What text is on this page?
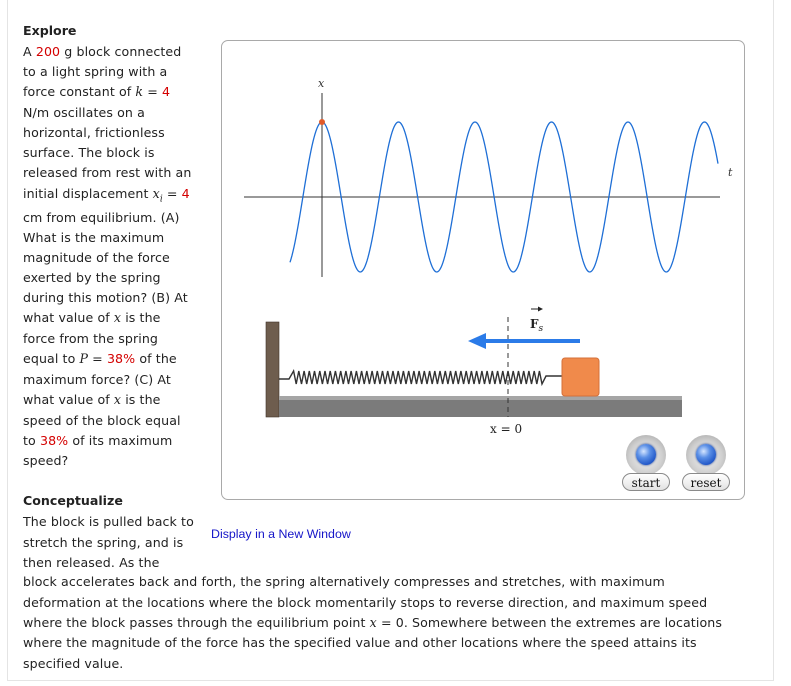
Explore
A 200 g block connected
to a light spring with a
force constant of k = 4
N/m oscillates on a
horizontal, frictionless
surface. The block is
released from rest with an
initial displacement $x_i = 4$
cm from equilibrium. (A)
What is the maximum
magnitude of the force
exerted by the spring
during this motion? (B) At
what value of x is the
force from the spring
equal to P = 38% of the
maximum force? (C) At
what value of x is the
speed of the block equal
to 38% of its maximum
speed?
x
t
$F_s$
x = 0
start	reset
Conceptualize
The block is pulled back to
stretch the spring, and is
then released. As the
block accelerates back and forth, the spring alternatively compresses and stretches, with maximum
deformation at the locations where the block momentarily stops to reverse direction, and maximum speed
where the block passes through the equilibrium point x = 0. Somewhere between the extremes are locations
where the magnitude of the force has the specified value and other locations where the speed attains its
specified value.
Display in a New Window
